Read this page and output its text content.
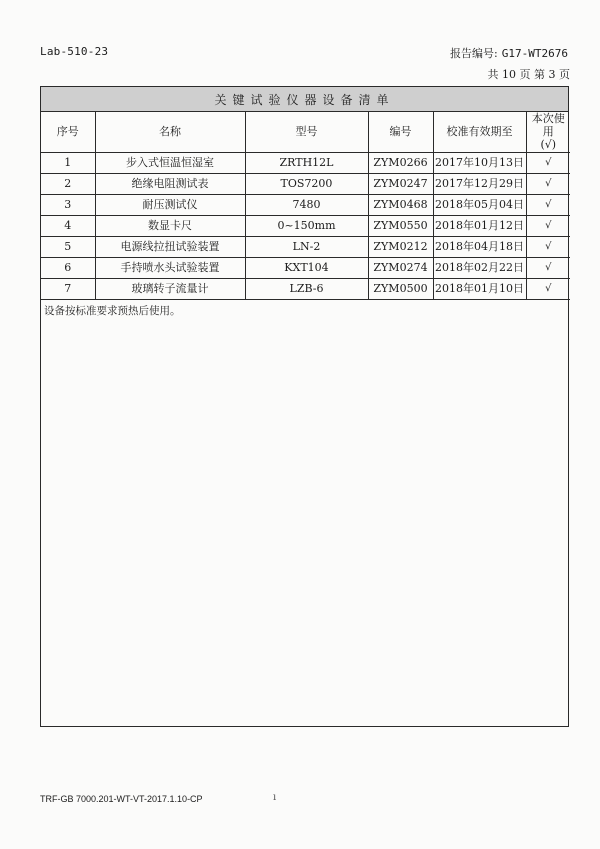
Lab-510-23	报告编号: G17-WT2676
共 10 页 第 3 页
关键试验仪器设备清单
序号	名称	型号	编号	校准有效期至	本次使用
(√)
1	步入式恒温恒湿室	ZRTH12L	ZYM0266	2017年10月13日	√
2	绝缘电阻测试表	TOS7200	ZYM0247	2017年12月29日	√
3	耐压测试仪	7480	ZYM0468	2018年05月04日	√
4	数显卡尺	0~150mm	ZYM0550	2018年01月12日	√
5	电源线拉扭试验装置	LN-2	ZYM0212	2018年04月18日	√
6	手持喷水头试验装置	KXT104	ZYM0274	2018年02月22日	√
7	玻璃转子流量计	LZB-6	ZYM0500	2018年01月10日	√
设备按标准要求预热后使用。
TRF-GB 7000.201-WT-VT-2017.1.10-CP	ı
